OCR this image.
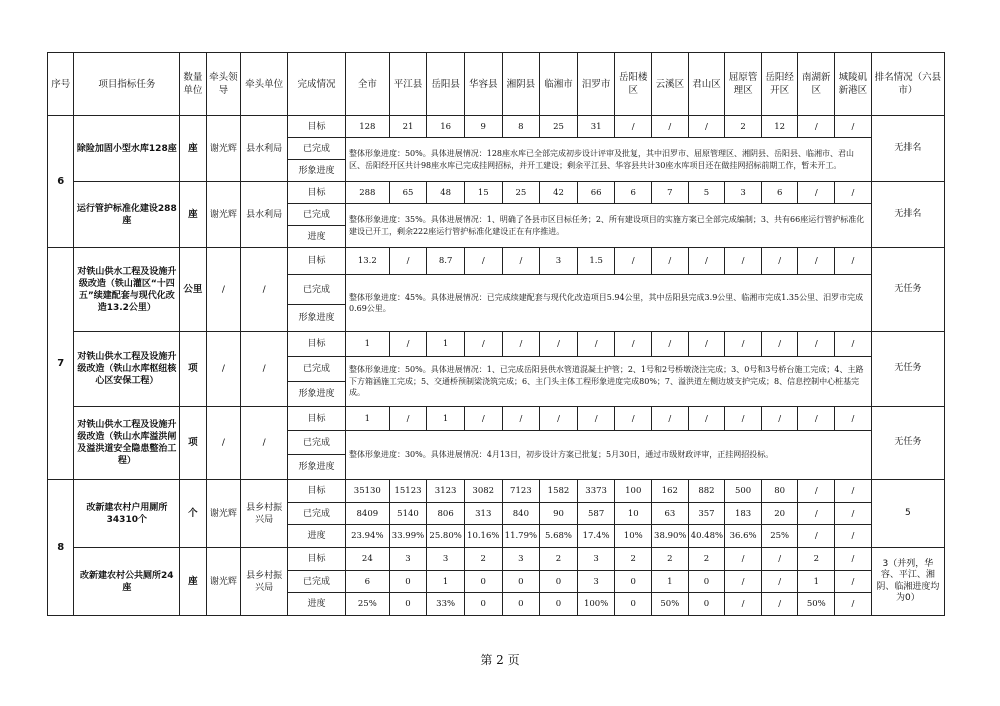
序号	项目指标任务	数量单位	牵头领导	牵头单位	完成情况	全市	平江县	岳阳县	华容县	湘阴县	临湘市	汨罗市	岳阳楼区	云溪区	君山区	屈原管理区	岳阳经开区	南湖新区	城陵矶新港区	排名情况（六县市）
6	除险加固小型水库128座	座	谢光辉	县水利局	目标	128	21	16	9	8	25	31	/	/	/	2	12	/	/	无排名
					已完成	整体形象进度：50%。具体进展情况：128座水库已全部完成初步设计评审及批复，其中汨罗市、屈原管理区、湘阴县、岳阳县、临湘市、君山区、岳阳经开区共计98座水库已完成挂网招标，并开工建设；剩余平江县、华容县共计30座水库项目还在做挂网招标前期工作，暂未开工。														
					形象进度															
	运行管护标准化建设288座	座	谢光辉	县水利局	目标	288	65	48	15	25	42	66	6	7	5	3	6	/	/	无排名
					已完成	整体形象进度：35%。具体进展情况：1、明确了各县市区目标任务；2、所有建设项目的实施方案已全部完成编制；3、共有66座运行管护标准化建设已开工，剩余222座运行管护标准化建设正在有序推进。														
					进度															
7	对铁山供水工程及设施升级改造（铁山灌区“十四五”续建配套与现代化改造13.2公里）	公里	/	/	目标	13.2	/	8.7	/	/	3	1.5	/	/	/	/	/	/	/	无任务
					已完成	整体形象进度：45%。具体进展情况：已完成续建配套与现代化改造项目5.94公里，其中岳阳县完成3.9公里、临湘市完成1.35公里、汨罗市完成0.69公里。														
					形象进度															
	对铁山供水工程及设施升级改造（铁山水库枢纽核心区安保工程）	项	/	/	目标	1	/	1	/	/	/	/	/	/	/	/	/	/	/	无任务
					已完成	整体形象进度：50%。具体进展情况：1、已完成岳阳县供水管道混凝土护管；2、1号和2号桥墩浇注完成；3、0号和3号桥台施工完成；4、主路下方箱涵施工完成；5、交通桥预制梁浇筑完成；6、主门头主体工程形象进度完成80%；7、溢洪道左侧边坡支护完成；8、信息控制中心桩基完成。														
					形象进度															
	对铁山供水工程及设施升级改造（铁山水库溢洪闸及溢洪道安全隐患整治工程）	项	/	/	目标	1	/	1	/	/	/	/	/	/	/	/	/	/	/	无任务
					已完成	整体形象进度：30%。具体进展情况：4月13日，初步设计方案已批复；5月30日，通过市级财政评审，正挂网招投标。														
					形象进度															
8	改新建农村户用厕所34310个	个	谢光辉	县乡村振兴局	目标	35130	15123	3123	3082	7123	1582	3373	100	162	882	500	80	/	/	5
					已完成	8409	5140	806	313	840	90	587	10	63	357	183	20	/	/	
					进度	23.94%	33.99%	25.80%	10.16%	11.79%	5.68%	17.4%	10%	38.90%	40.48%	36.6%	25%	/	/	
	改新建农村公共厕所24座	座	谢光辉	县乡村振兴局	目标	24	3	3	2	3	2	3	2	2	2	/	/	2	/	3（并列，华容、平江、湘阴、临湘进度均为0）
					已完成	6	0	1	0	0	0	3	0	1	0	/	/	1	/	
					进度	25%	0	33%	0	0	0	100%	0	50%	0	/	/	50%	/	
第 2 页
